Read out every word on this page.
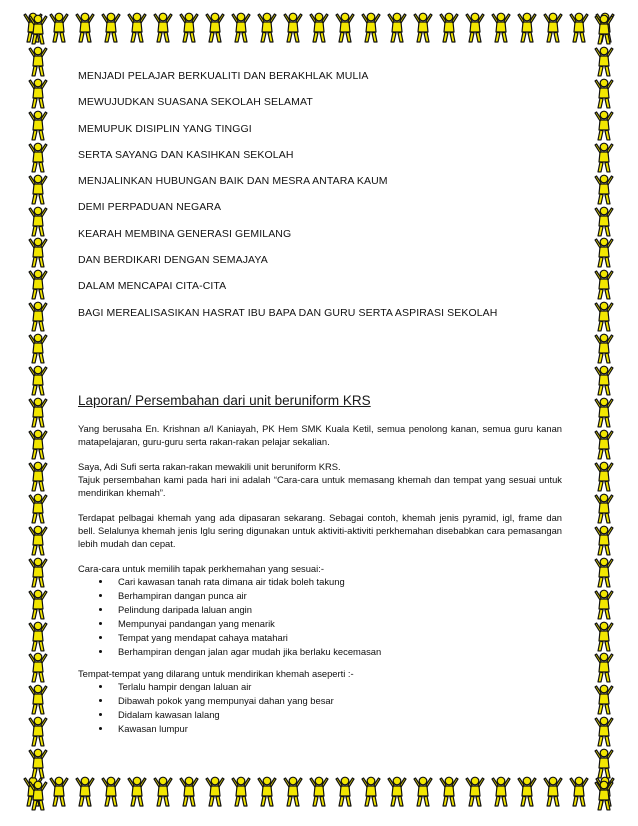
MENJADI PELAJAR BERKUALITI DAN BERAKHLAK MULIA
MEWUJUDKAN SUASANA SEKOLAH SELAMAT
MEMUPUK DISIPLIN YANG TINGGI
SERTA SAYANG DAN KASIHKAN SEKOLAH
MENJALINKAN HUBUNGAN BAIK DAN MESRA ANTARA KAUM
DEMI PERPADUAN NEGARA
KEARAH MEMBINA GENERASI GEMILANG
DAN BERDIKARI DENGAN SEMAJAYA
DALAM MENCAPAI CITA-CITA
BAGI MEREALISASIKAN HASRAT IBU BAPA DAN GURU SERTA ASPIRASI SEKOLAH
Laporan/ Persembahan dari unit beruniform KRS

Yang berusaha En. Krishnan a/l Kaniayah, PK Hem SMK Kuala Ketil, semua penolong kanan, semua guru kanan matapelajaran, guru-guru serta rakan-rakan pelajar sekalian.

Saya, Adi Sufi serta rakan-rakan mewakili unit beruniform KRS.

Tajuk persembahan kami pada hari ini adalah “Cara-cara untuk memasang khemah dan tempat yang sesuai untuk mendirikan khemah”.

Terdapat pelbagai khemah yang ada dipasaran sekarang. Sebagai contoh, khemah jenis pyramid, igl, frame dan bell. Selalunya khemah jenis Iglu sering digunakan untuk aktiviti-aktiviti perkhemahan disebabkan cara pemasangan lebih mudah dan cepat.

Cara-cara untuk memilih tapak perkhemahan yang sesuai:-

• Cari kawasan tanah rata dimana air tidak boleh takung
• Berhampiran dangan punca air
• Pelindung daripada laluan angin
• Mempunyai pandangan yang menarik
• Tempat yang mendapat cahaya matahari
• Berhampiran dengan jalan agar mudah jika berlaku kecemasan

Tempat-tempat yang dilarang untuk mendirikan khemah aseperti :-

• Terlalu hampir dengan laluan air
• Dibawah pokok yang mempunyai dahan yang besar
• Didalam kawasan lalang
• Kawasan lumpur
